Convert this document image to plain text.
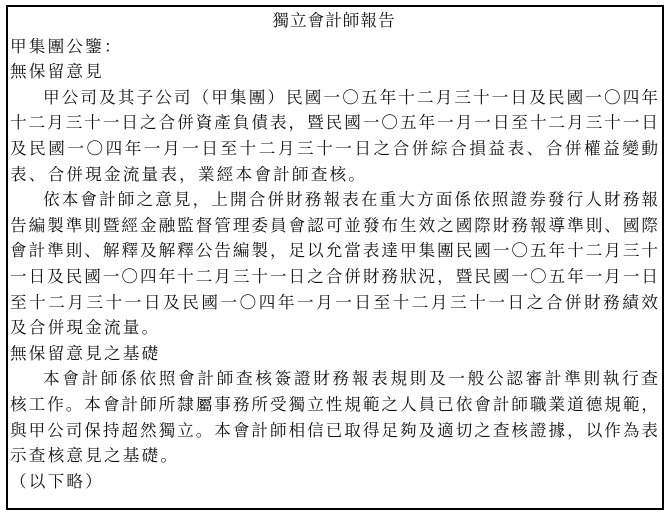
獨立會計師報告
甲集團公鑒：
無保留意見
甲公司及其子公司（甲集團）民國一〇五年十二月三十一日及民國一〇四年
十二月三十一日之合併資產負債表，暨民國一〇五年一月一日至十二月三十一日
及民國一〇四年一月一日至十二月三十一日之合併綜合損益表、合併權益變動
表、合併現金流量表，業經本會計師查核。
依本會計師之意見，上開合併財務報表在重大方面係依照證券發行人財務報
告編製準則暨經金融監督管理委員會認可並發布生效之國際財務報導準則、國際
會計準則、解釋及解釋公告編製，足以允當表達甲集團民國一〇五年十二月三十
一日及民國一〇四年十二月三十一日之合併財務狀況，暨民國一〇五年一月一日
至十二月三十一日及民國一〇四年一月一日至十二月三十一日之合併財務績效
及合併現金流量。
無保留意見之基礎
本會計師係依照會計師查核簽證財務報表規則及一般公認審計準則執行查
核工作。本會計師所隸屬事務所受獨立性規範之人員已依會計師職業道德規範，
與甲公司保持超然獨立。本會計師相信已取得足夠及適切之查核證據，以作為表
示查核意見之基礎。
（以下略）
